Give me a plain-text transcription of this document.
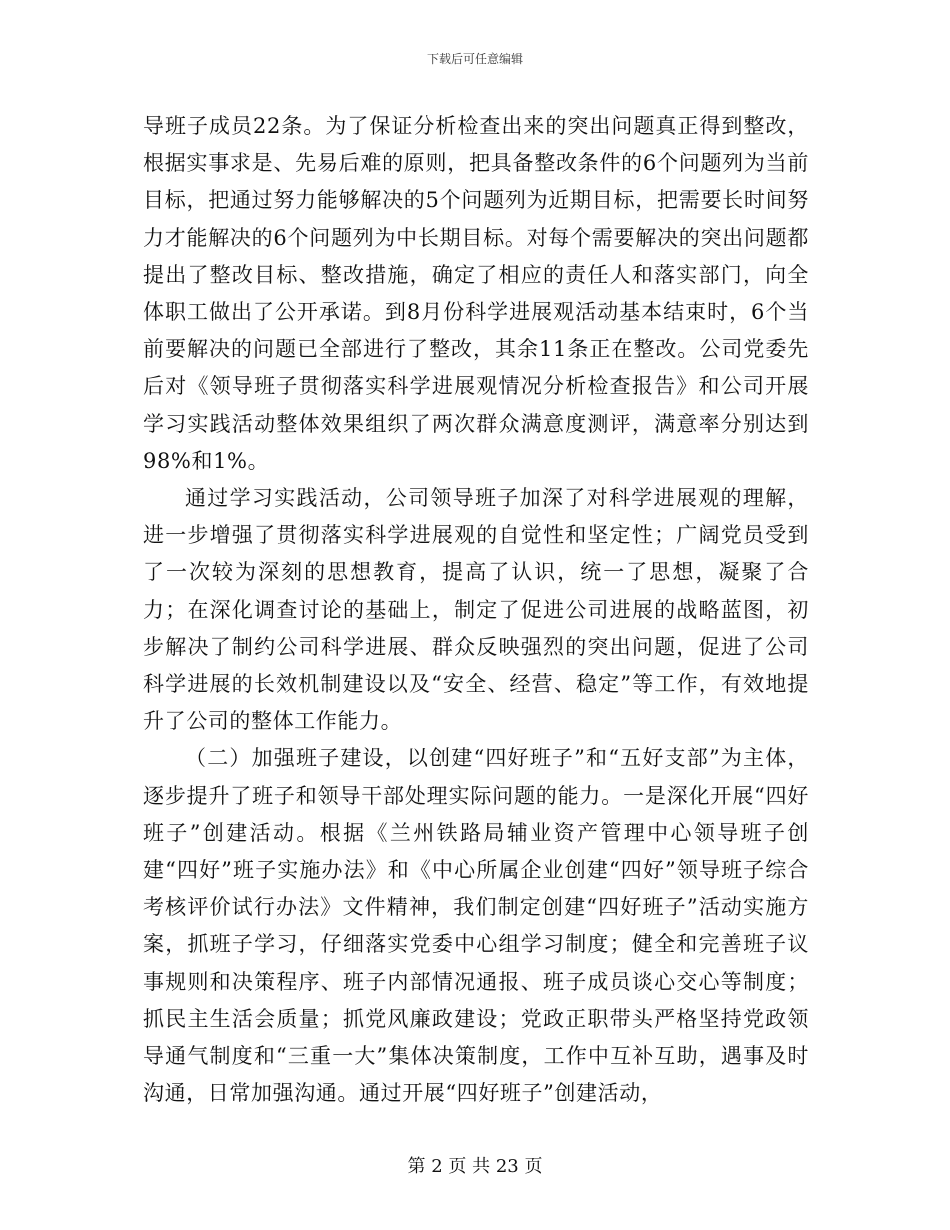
下载后可任意编辑

导班子成员22条。为了保证分析检查出来的突出问题真正得到整改，根据实事求是、先易后难的原则，把具备整改条件的6个问题列为当前目标，把通过努力能够解决的5个问题列为近期目标，把需要长时间努力才能解决的6个问题列为中长期目标。对每个需要解决的突出问题都提出了整改目标、整改措施，确定了相应的责任人和落实部门，向全体职工做出了公开承诺。到8月份科学进展观活动基本结束时，6个当前要解决的问题已全部进行了整改，其余11条正在整改。公司党委先后对《领导班子贯彻落实科学进展观情况分析检查报告》和公司开展学习实践活动整体效果组织了两次群众满意度测评，满意率分别达到98%和1%。

通过学习实践活动，公司领导班子加深了对科学进展观的理解，进一步增强了贯彻落实科学进展观的自觉性和坚定性；广阔党员受到了一次较为深刻的思想教育，提高了认识，统一了思想，凝聚了合力；在深化调查讨论的基础上，制定了促进公司进展的战略蓝图，初步解决了制约公司科学进展、群众反映强烈的突出问题，促进了公司科学进展的长效机制建设以及“安全、经营、稳定”等工作，有效地提升了公司的整体工作能力。

（二）加强班子建设，以创建“四好班子”和“五好支部”为主体，逐步提升了班子和领导干部处理实际问题的能力。一是深化开展“四好班子”创建活动。根据《兰州铁路局辅业资产管理中心领导班子创建“四好”班子实施办法》和《中心所属企业创建“四好”领导班子综合考核评价试行办法》文件精神，我们制定创建“四好班子”活动实施方案，抓班子学习，仔细落实党委中心组学习制度；健全和完善班子议事规则和决策程序、班子内部情况通报、班子成员谈心交心等制度；抓民主生活会质量；抓党风廉政建设；党政正职带头严格坚持党政领导通气制度和“三重一大”集体决策制度，工作中互补互助，遇事及时沟通，日常加强沟通。通过开展“四好班子”创建活动，

第 2 页 共 23 页
